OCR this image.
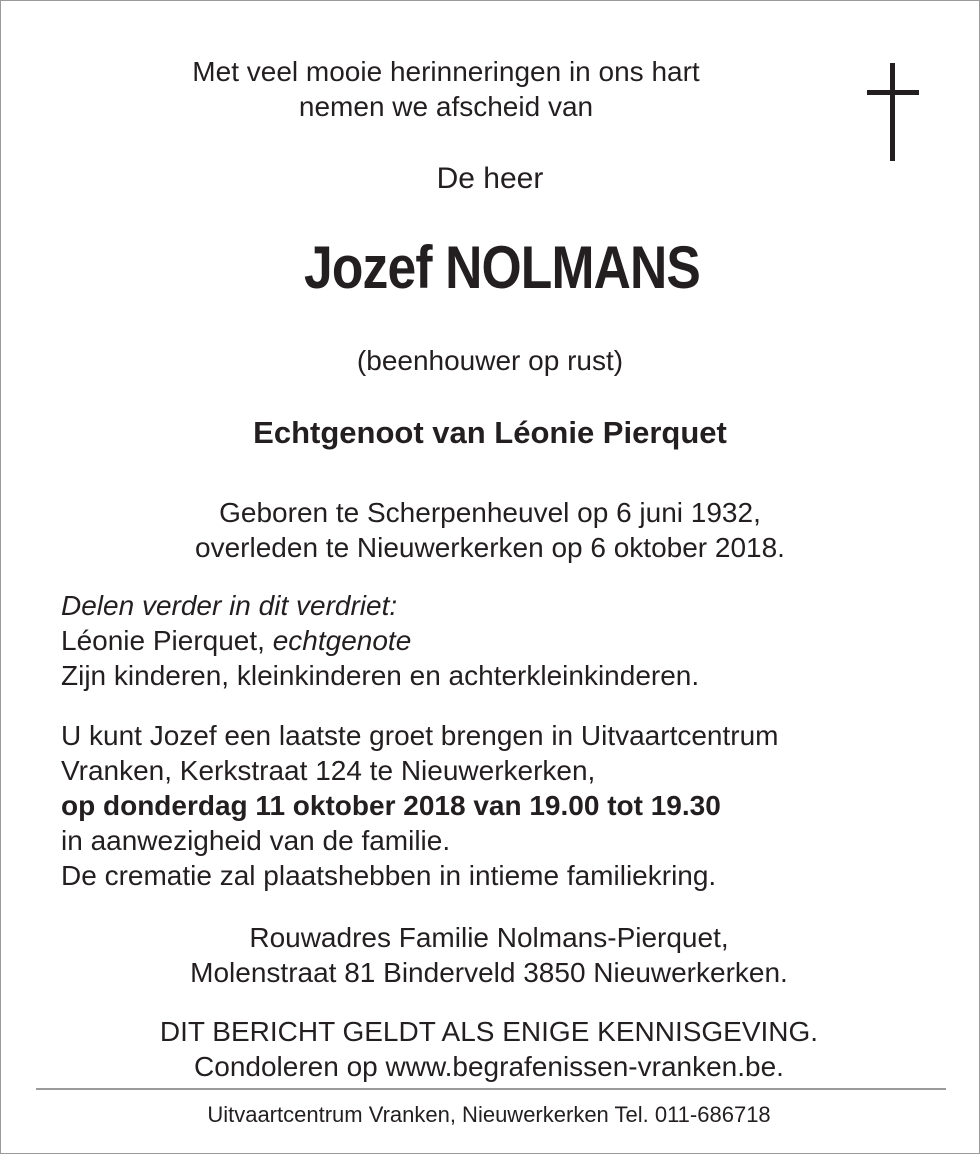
Met veel mooie herinneringen in ons hart
nemen we afscheid van
De heer
Jozef NOLMANS
(beenhouwer op rust)
Echtgenoot van Léonie Pierquet
Geboren te Scherpenheuvel op 6 juni 1932,
overleden te Nieuwerkerken op 6 oktober 2018.
Delen verder in dit verdriet:
Léonie Pierquet, echtgenote
Zijn kinderen, kleinkinderen en achterkleinkinderen.
U kunt Jozef een laatste groet brengen in Uitvaartcentrum
Vranken, Kerkstraat 124 te Nieuwerkerken,
op donderdag 11 oktober 2018 van 19.00 tot 19.30
in aanwezigheid van de familie.
De crematie zal plaatshebben in intieme familiekring.
Rouwadres Familie Nolmans-Pierquet,
Molenstraat 81 Binderveld 3850 Nieuwerkerken.
DIT BERICHT GELDT ALS ENIGE KENNISGEVING.
Condoleren op www.begrafenissen-vranken.be.
Uitvaartcentrum Vranken, Nieuwerkerken Tel. 011-686718
